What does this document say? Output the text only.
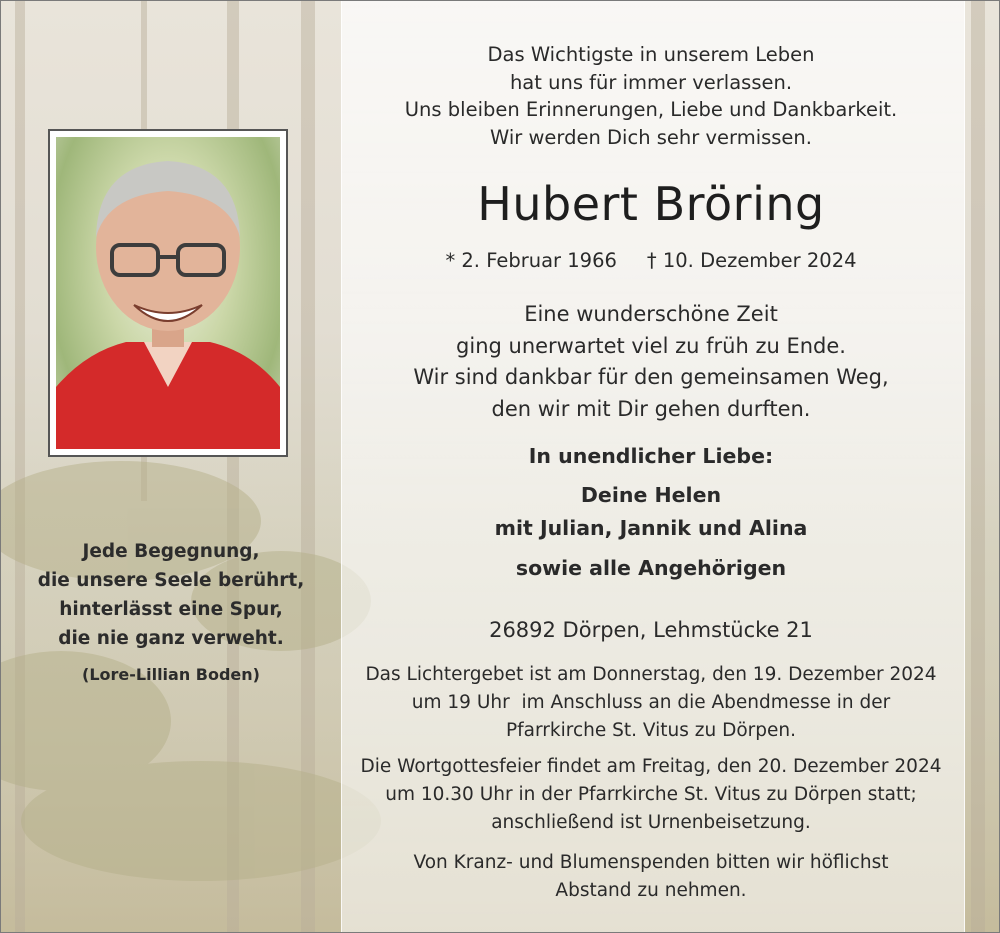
Das Wichtigste in unserem Leben
hat uns für immer verlassen.
Uns bleiben Erinnerungen, Liebe und Dankbarkeit.
Wir werden Dich sehr vermissen.
Hubert Bröring
* 2. Februar 1966 † 10. Dezember 2024
Eine wunderschöne Zeit
ging unerwartet viel zu früh zu Ende.
Wir sind dankbar für den gemeinsamen Weg,
den wir mit Dir gehen durften.
In unendlicher Liebe:
Deine Helen
mit Julian, Jannik und Alina
sowie alle Angehörigen
26892 Dörpen, Lehmstücke 21
Das Lichtergebet ist am Donnerstag, den 19. Dezember 2024
um 19 Uhr  im Anschluss an die Abendmesse in der
Pfarrkirche St. Vitus zu Dörpen.
Die Wortgottesfeier findet am Freitag, den 20. Dezember 2024
um 10.30 Uhr in der Pfarrkirche St. Vitus zu Dörpen statt;
anschließend ist Urnenbeisetzung.
Von Kranz- und Blumenspenden bitten wir höflichst
Abstand zu nehmen.
Jede Begegnung,
die unsere Seele berührt,
hinterlässt eine Spur,
die nie ganz verweht.
(Lore-Lillian Boden)
